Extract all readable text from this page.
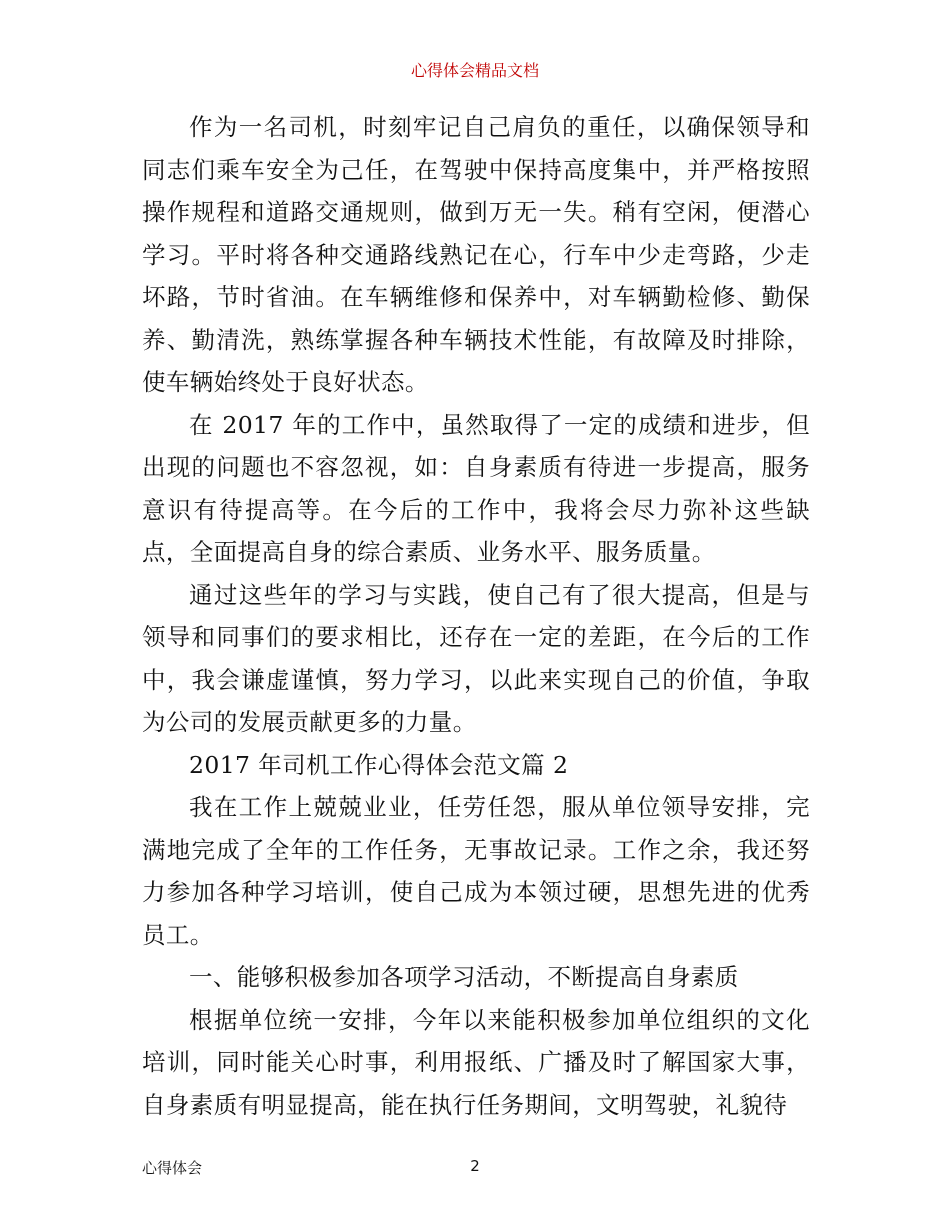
心得体会精品文档

作为一名司机，时刻牢记自己肩负的重任，以确保领导和同志们乘车安全为己任，在驾驶中保持高度集中，并严格按照操作规程和道路交通规则，做到万无一失。稍有空闲，便潜心学习。平时将各种交通路线熟记在心，行车中少走弯路，少走坏路，节时省油。在车辆维修和保养中，对车辆勤检修、勤保养、勤清洗，熟练掌握各种车辆技术性能，有故障及时排除，使车辆始终处于良好状态。

在 2017 年的工作中，虽然取得了一定的成绩和进步，但出现的问题也不容忽视，如：自身素质有待进一步提高，服务意识有待提高等。在今后的工作中，我将会尽力弥补这些缺点，全面提高自身的综合素质、业务水平、服务质量。

通过这些年的学习与实践，使自己有了很大提高，但是与领导和同事们的要求相比，还存在一定的差距，在今后的工作中，我会谦虚谨慎，努力学习，以此来实现自己的价值，争取为公司的发展贡献更多的力量。

2017 年司机工作心得体会范文篇 2

我在工作上兢兢业业，任劳任怨，服从单位领导安排，完满地完成了全年的工作任务，无事故记录。工作之余，我还努力参加各种学习培训，使自己成为本领过硬，思想先进的优秀员工。

一、能够积极参加各项学习活动，不断提高自身素质

根据单位统一安排，今年以来能积极参加单位组织的文化培训，同时能关心时事，利用报纸、广播及时了解国家大事，自身素质有明显提高，能在执行任务期间，文明驾驶，礼貌待

心得体会	2
